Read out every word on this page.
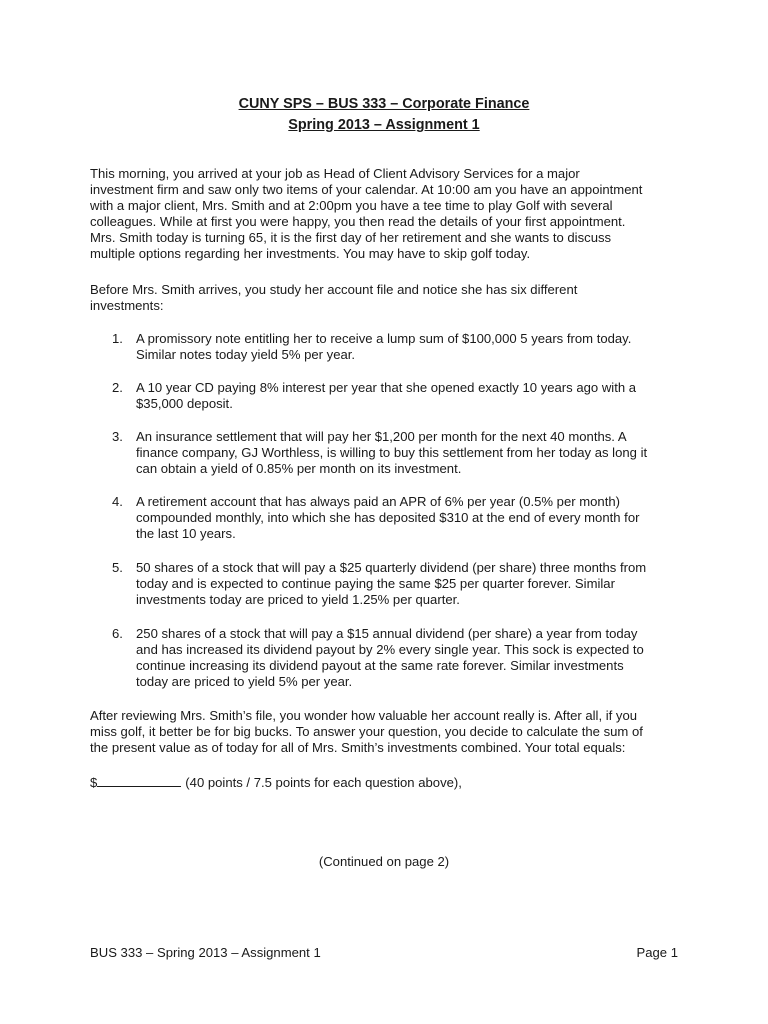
CUNY SPS – BUS 333 – Corporate Finance
Spring 2013 – Assignment 1
This morning, you arrived at your job as Head of Client Advisory Services for a major
investment firm and saw only two items of your calendar. At 10:00 am you have an appointment
with a major client, Mrs. Smith and at 2:00pm you have a tee time to play Golf with several
colleagues. While at first you were happy, you then read the details of your first appointment.
Mrs. Smith today is turning 65, it is the first day of her retirement and she wants to discuss
multiple options regarding her investments. You may have to skip golf today.
Before Mrs. Smith arrives, you study her account file and notice she has six different
investments:
1. A promissory note entitling her to receive a lump sum of $100,000 5 years from today.
Similar notes today yield 5% per year.
2. A 10 year CD paying 8% interest per year that she opened exactly 10 years ago with a
$35,000 deposit.
3. An insurance settlement that will pay her $1,200 per month for the next 40 months. A
finance company, GJ Worthless, is willing to buy this settlement from her today as long it
can obtain a yield of 0.85% per month on its investment.
4. A retirement account that has always paid an APR of 6% per year (0.5% per month)
compounded monthly, into which she has deposited $310 at the end of every month for
the last 10 years.
5. 50 shares of a stock that will pay a $25 quarterly dividend (per share) three months from
today and is expected to continue paying the same $25 per quarter forever. Similar
investments today are priced to yield 1.25% per quarter.
6. 250 shares of a stock that will pay a $15 annual dividend (per share) a year from today
and has increased its dividend payout by 2% every single year. This sock is expected to
continue increasing its dividend payout at the same rate forever. Similar investments
today are priced to yield 5% per year.
After reviewing Mrs. Smith’s file, you wonder how valuable her account really is. After all, if you
miss golf, it better be for big bucks. To answer your question, you decide to calculate the sum of
the present value as of today for all of Mrs. Smith’s investments combined. Your total equals:
$	(40 points / 7.5 points for each question above),
(Continued on page 2)
BUS 333 – Spring 2013 – Assignment 1	Page 1
